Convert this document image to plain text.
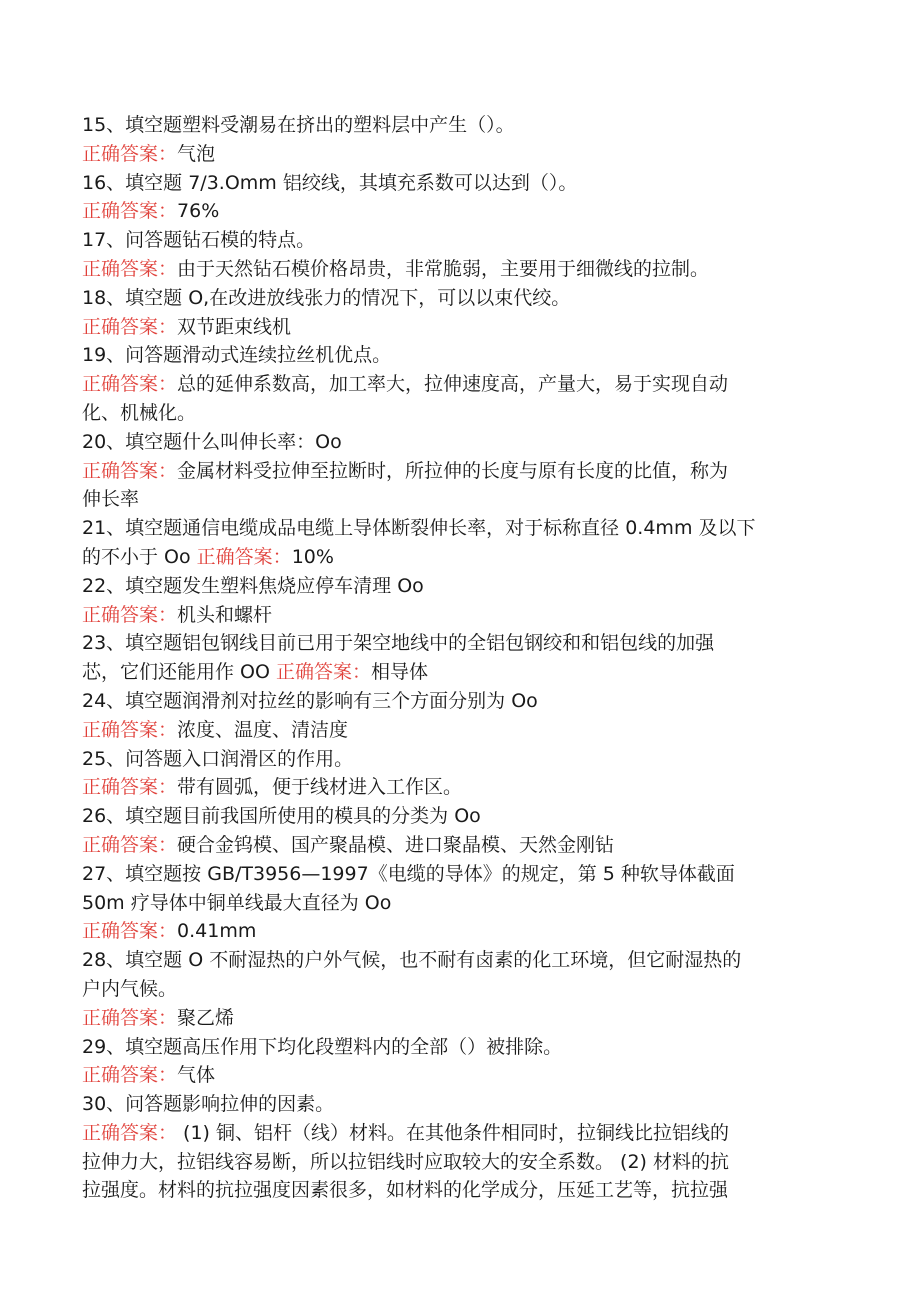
15、填空题塑料受潮易在挤出的塑料层中产生（）。
正确答案：气泡
16、填空题 7/3.Omm 铝绞线，其填充系数可以达到（）。
正确答案：76%
17、问答题钻石模的特点。
正确答案：由于天然钻石模价格昂贵，非常脆弱，主要用于细微线的拉制。
18、填空题 O,在改进放线张力的情况下，可以以束代绞。
正确答案：双节距束线机
19、问答题滑动式连续拉丝机优点。
正确答案：总的延伸系数高，加工率大，拉伸速度高，产量大，易于实现自动
化、机械化。
20、填空题什么叫伸长率：Oo
正确答案：金属材料受拉伸至拉断时，所拉伸的长度与原有长度的比值，称为
伸长率
21、填空题通信电缆成品电缆上导体断裂伸长率，对于标称直径 0.4mm 及以下
的不小于 Oo 正确答案：10%
22、填空题发生塑料焦烧应停车清理 Oo
正确答案：机头和螺杆
23、填空题铝包钢线目前已用于架空地线中的全铝包钢绞和和铝包线的加强
芯，它们还能用作 OO 正确答案：相导体
24、填空题润滑剂对拉丝的影响有三个方面分别为 Oo
正确答案：浓度、温度、清洁度
25、问答题入口润滑区的作用。
正确答案：带有圆弧，便于线材进入工作区。
26、填空题目前我国所使用的模具的分类为 Oo
正确答案：硬合金钨模、国产聚晶模、进口聚晶模、天然金刚钻
27、填空题按 GB/T3956—1997《电缆的导体》的规定，第 5 种软导体截面
50m 疗导体中铜单线最大直径为 Oo
正确答案：0.41mm
28、填空题 O 不耐湿热的户外气候，也不耐有卤素的化工环境，但它耐湿热的
户内气候。
正确答案：聚乙烯
29、填空题高压作用下均化段塑料内的全部（）被排除。
正确答案：气体
30、问答题影响拉伸的因素。
正确答案： (1) 铜、铝杆（线）材料。在其他条件相同时，拉铜线比拉铝线的
拉伸力大，拉铝线容易断，所以拉铝线时应取较大的安全系数。 (2) 材料的抗
拉强度。材料的抗拉强度因素很多，如材料的化学成分，压延工艺等，抗拉强
